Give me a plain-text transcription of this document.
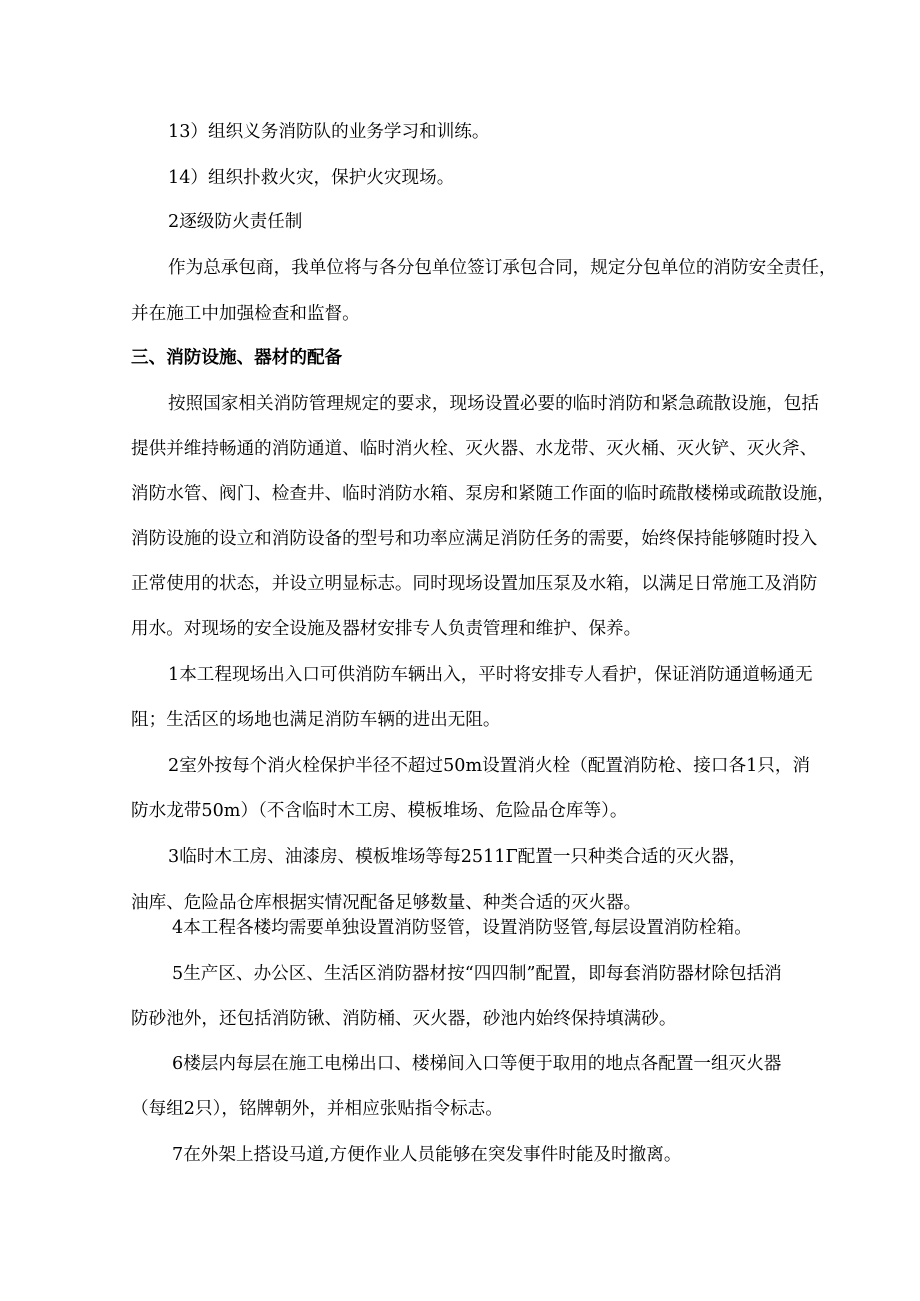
13）组织义务消防队的业务学习和训练。
14）组织扑救火灾，保护火灾现场。
2逐级防火责任制
作为总承包商，我单位将与各分包单位签订承包合同，规定分包单位的消防安全责任，
并在施工中加强检查和监督。
三、消防设施、器材的配备
按照国家相关消防管理规定的要求，现场设置必要的临时消防和紧急疏散设施，包括
提供并维持畅通的消防通道、临时消火栓、灭火器、水龙带、灭火桶、灭火铲、灭火斧、
消防水管、阀门、检查井、临时消防水箱、泵房和紧随工作面的临时疏散楼梯或疏散设施，
消防设施的设立和消防设备的型号和功率应满足消防任务的需要，始终保持能够随时投入
正常使用的状态，并设立明显标志。同时现场设置加压泵及水箱，以满足日常施工及消防
用水。对现场的安全设施及器材安排专人负责管理和维护、保养。
1本工程现场出入口可供消防车辆出入，平时将安排专人看护，保证消防通道畅通无
阻；生活区的场地也满足消防车辆的进出无阻。
2室外按每个消火栓保护半径不超过50m设置消火栓（配置消防枪、接口各1只，消
防水龙带50m）（不含临时木工房、模板堆场、危险品仓库等）。
3临时木工房、油漆房、模板堆场等每2511Γ配置一只种类合适的灭火器，
油库、危险品仓库根据实情况配备足够数量、种类合适的灭火器。
4本工程各楼均需要单独设置消防竖管，设置消防竖管,每层设置消防栓箱。
5生产区、办公区、生活区消防器材按“四四制”配置，即每套消防器材除包括消
防砂池外，还包括消防锹、消防桶、灭火器，砂池内始终保持填满砂。
6楼层内每层在施工电梯出口、楼梯间入口等便于取用的地点各配置一组灭火器
（每组2只），铭牌朝外，并相应张贴指令标志。
7在外架上搭设马道,方便作业人员能够在突发事件时能及时撤离。
